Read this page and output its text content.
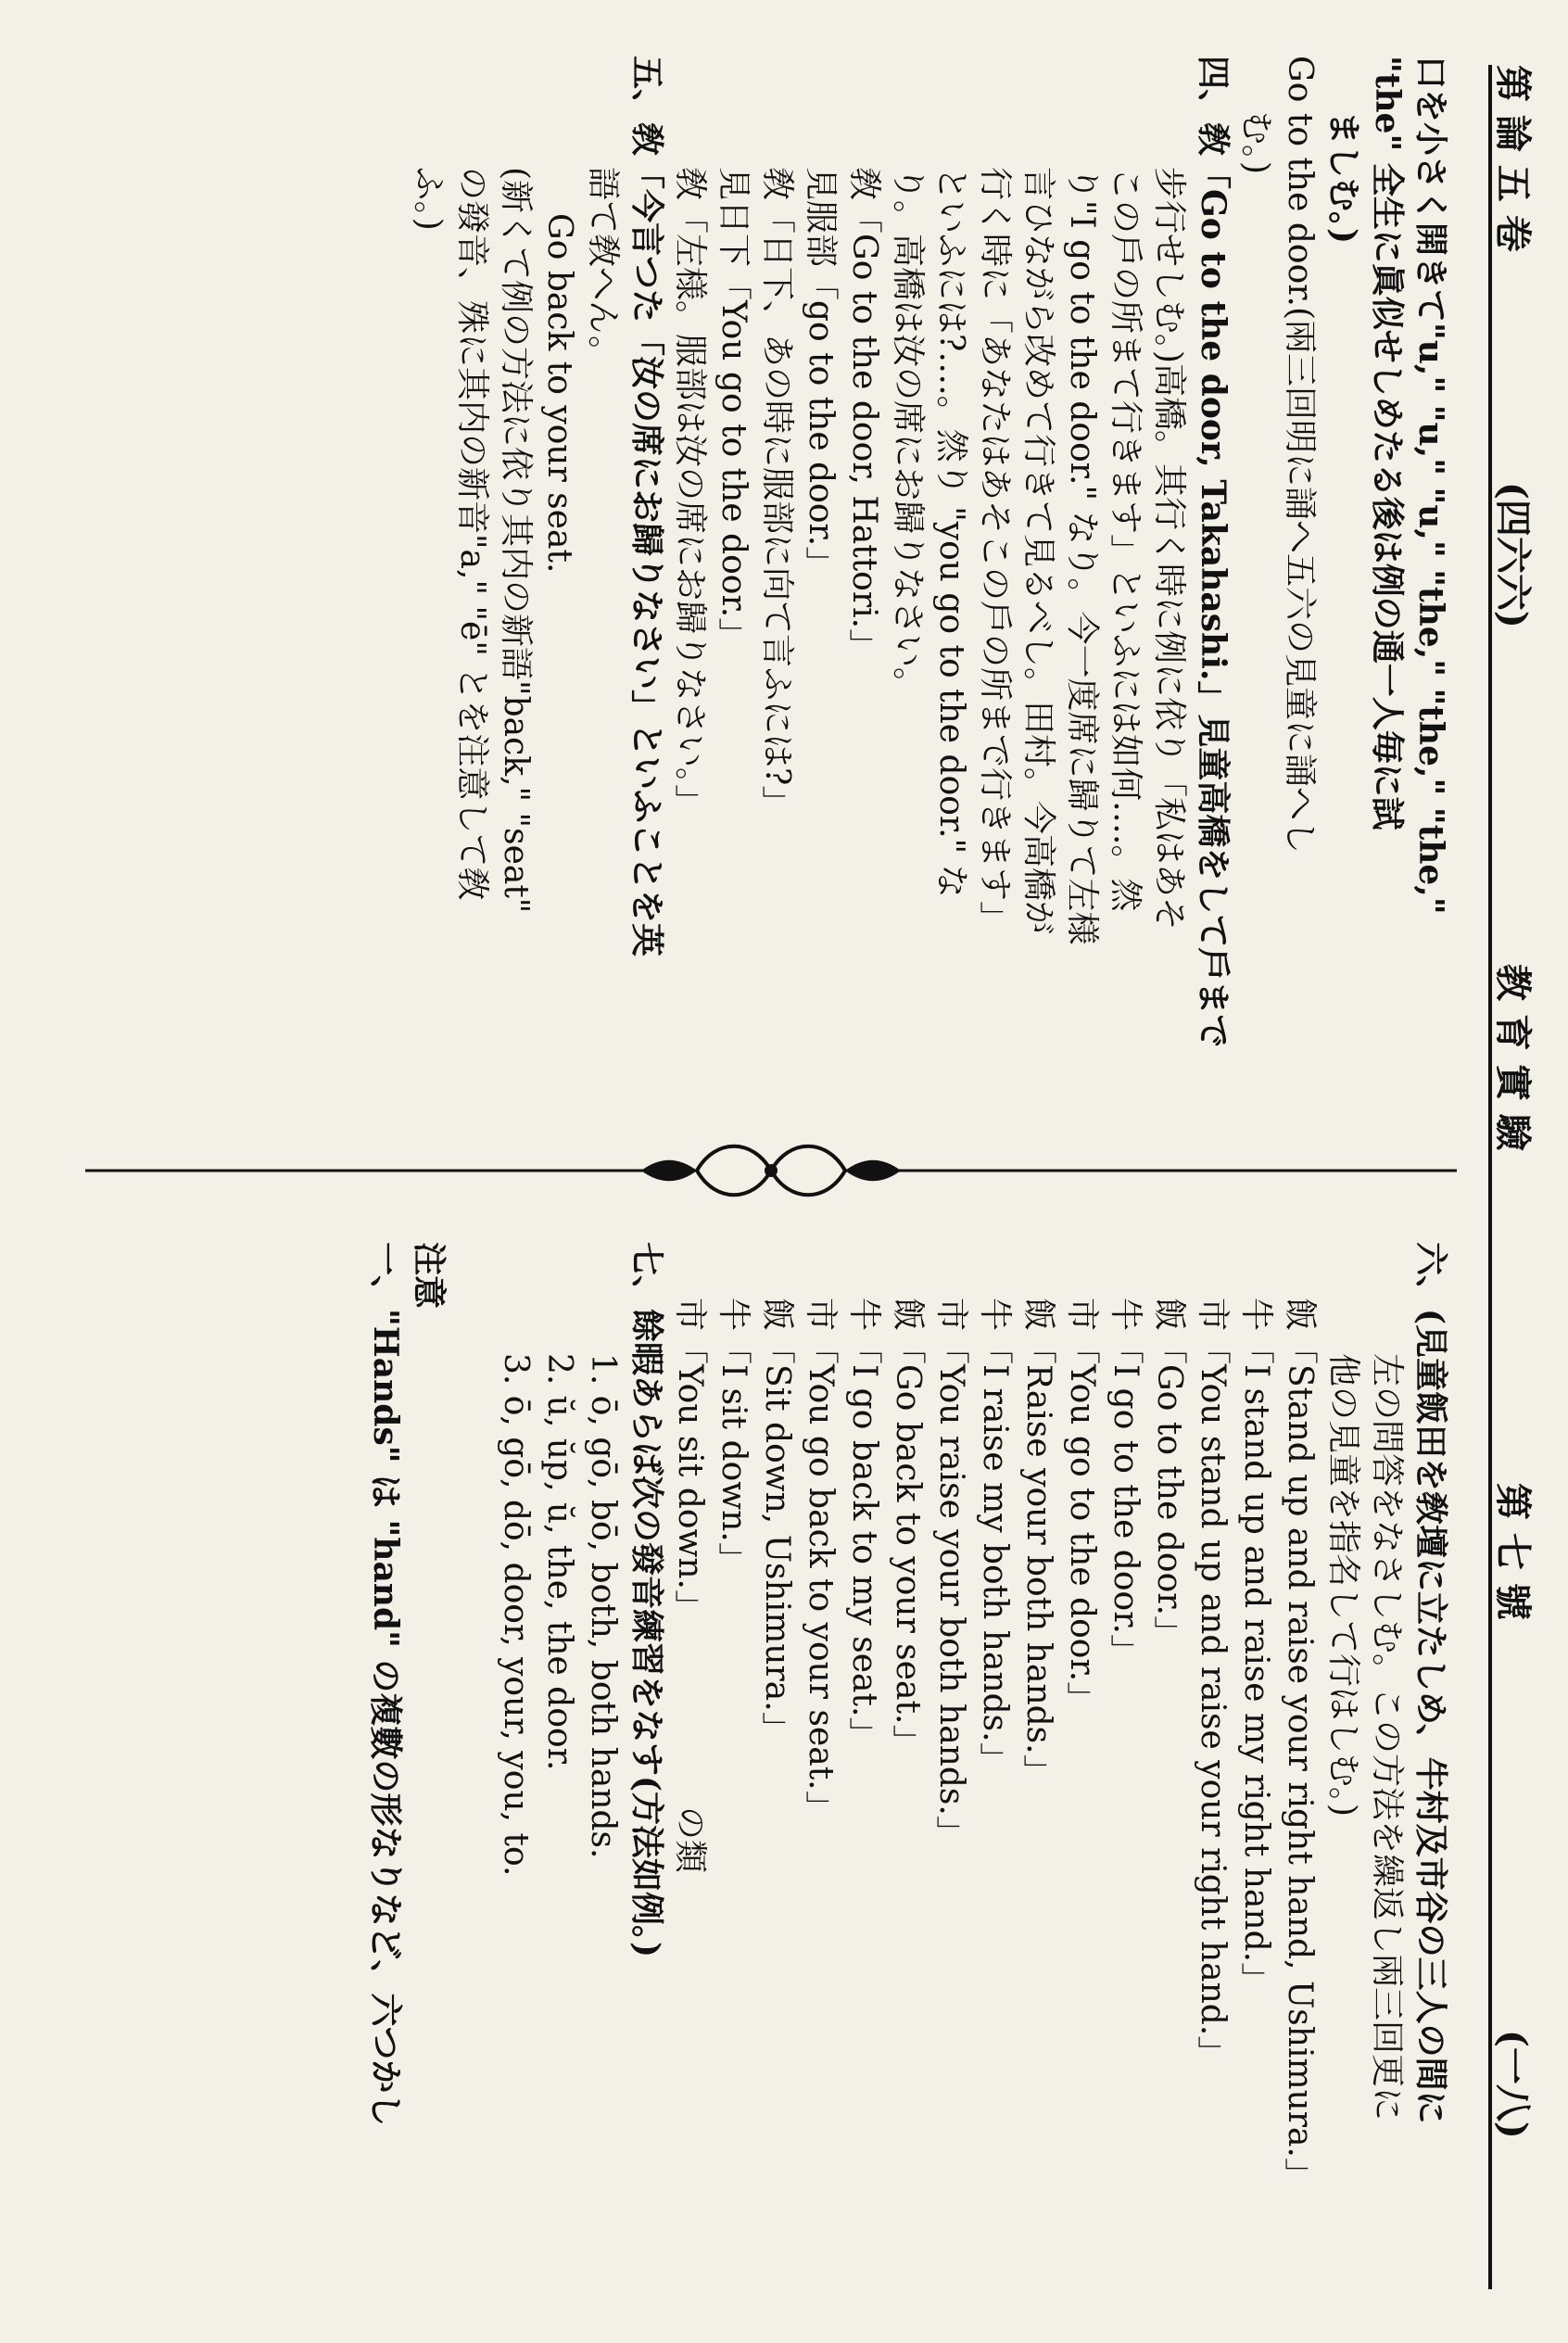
第 論 五 卷
(四六六)
教 育 實 驗
第 七 號
(一八)
口を小さく開きて"u," "u," "u," "the," "the," "the,"
"the" 全生に眞似せしめたる後は例の通一人毎に試
ましむ。)
Go to the door.(兩三回明に誦へ五六の見童に誦へし
む。)
四、敎「Go to the door, Takahashi.」見童高橋をして戶まで
步行せしむ。)高橋。其行く時に例に依り「私はあそ
この戶の所まて行きます」といふには如何….。然
り"I go to the door." なり。今一度席に歸りて左様
言ひながら改めて行きて見るべし。田村。今高橋が
行く時に「あなたはあそこの戶の所まで行きます」
といふには?….。然り "you go to the door." な
り。高橋は汝の席にお歸りなさい。
敎「Go to the door, Hattori.」
見服部「go to the door.」
敎「日下、あの時に服部に向て言ふには?」
見日下「You go to the door.」
敎「左様。服部は汝の席にお歸りなさい。」
五、敎「今言つた「汝の席にお歸りなさい」といふことを英
語て敎へん。
Go back to your seat.
(新くて例の方法に依り其内の新語"back," "seat"
の發音、殊に其内の新音"a," "ē" とを注意して敎
ふ。)
六、(見童飯田を敎壇に立たしめ、牛村及市谷の三人の間に
左の問答をなさしむ。この方法を繰返し兩三回更に
他の見童を指名して行はしむ。)
飯「Stand up and raise your right hand, Ushimura.」
牛「I stand up and raise my right hand.」
市「You stand up and raise your right hand.」
飯「Go to the door.」
牛「I go to the door.」
市「You go to the door.」
飯「Raise your both hands.」
牛「I raise my both hands.」
市「You raise your both hands.」
飯「Go back to your seat.」
牛「I go back to my seat.」
市「You go back to your seat.」
飯「Sit down, Ushimura.」
牛「I sit down.」
市「You sit down.」　　　　　　の類
七、餘暇あらば次の發音練習をなす(方法如例。)
1. ō, gō, bō, both, both hands.
2. ŭ, ŭp, ŭ, the, the door.
3. ō, gō, dō, door, your, you, to.
注意
一、"Hands" は "hand" の複數の形なりなど、六つかし
